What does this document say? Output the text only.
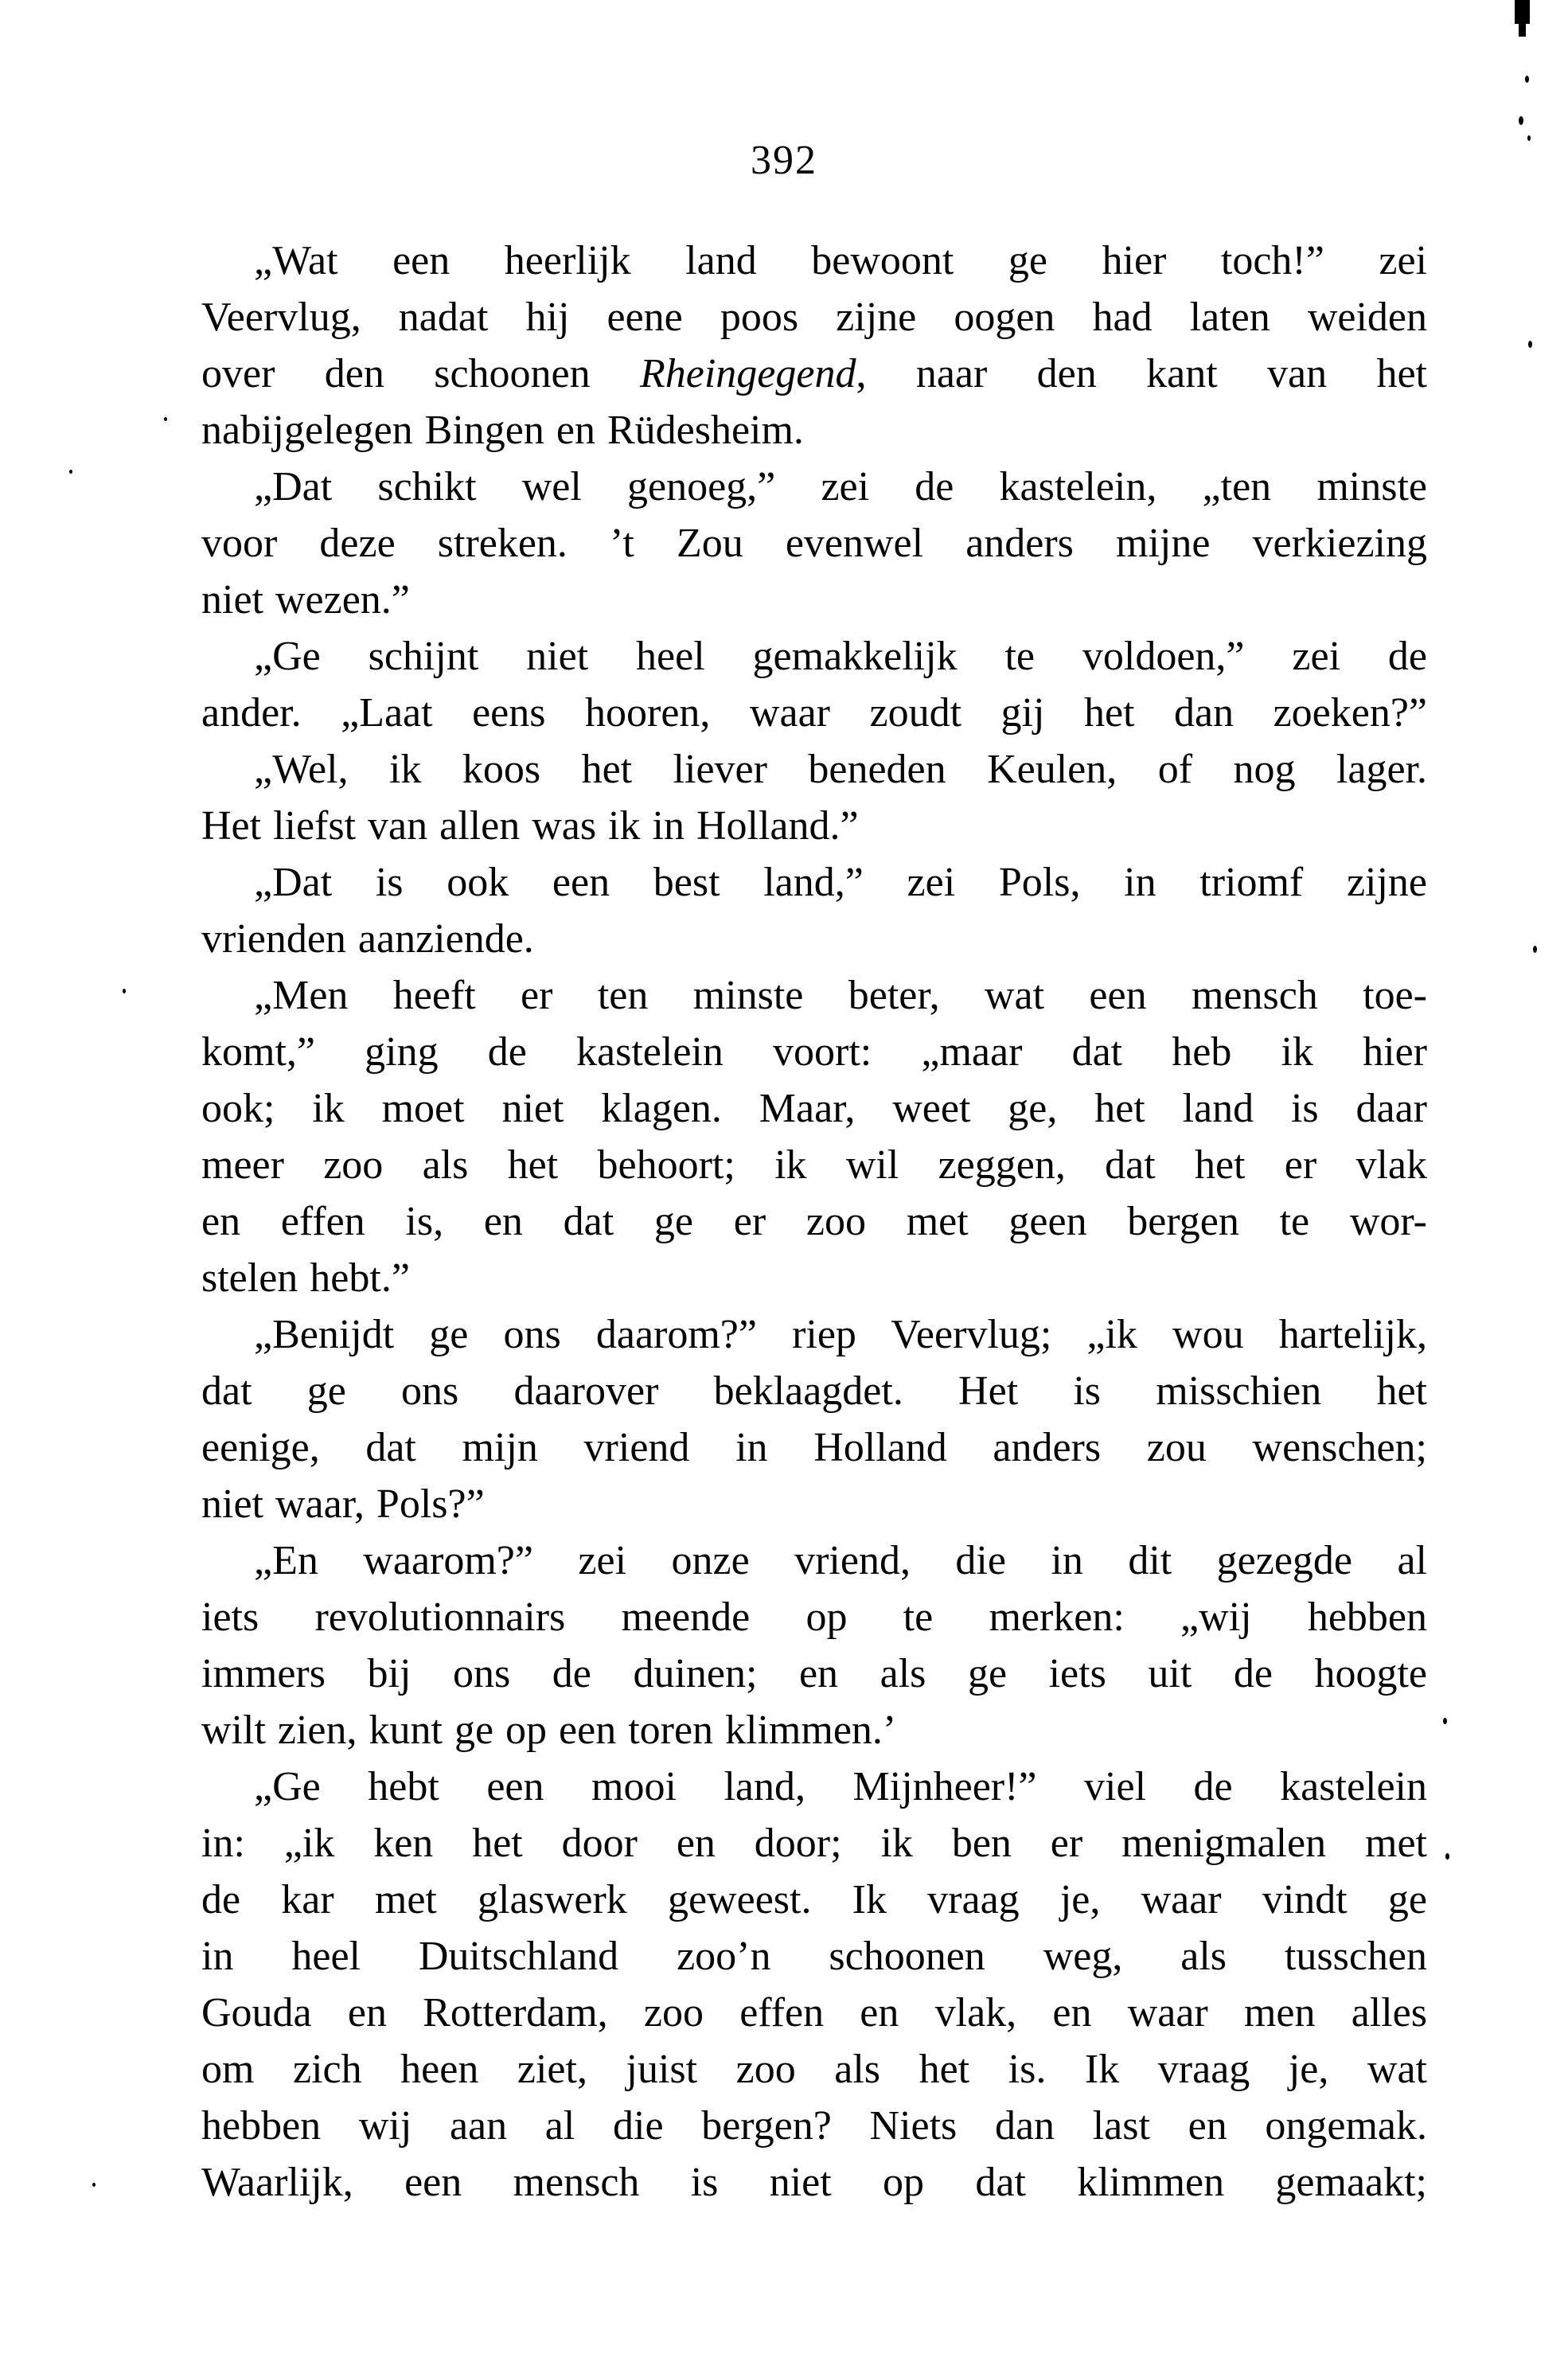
392
„Wat een heerlijk land bewoont ge hier toch!” zei
Veervlug, nadat hij eene poos zijne oogen had laten weiden
over den schoonen Rheingegend, naar den kant van het
nabijgelegen Bingen en Rüdesheim.
„Dat schikt wel genoeg,” zei de kastelein, „ten minste
voor deze streken. ’t Zou evenwel anders mijne verkiezing
niet wezen.”
„Ge schijnt niet heel gemakkelijk te voldoen,” zei de
ander. „Laat eens hooren, waar zoudt gij het dan zoeken?”
„Wel, ik koos het liever beneden Keulen, of nog lager.
Het liefst van allen was ik in Holland.”
„Dat is ook een best land,” zei Pols, in triomf zijne
vrienden aanziende.
„Men heeft er ten minste beter, wat een mensch toe-
komt,” ging de kastelein voort: „maar dat heb ik hier
ook; ik moet niet klagen. Maar, weet ge, het land is daar
meer zoo als het behoort; ik wil zeggen, dat het er vlak
en effen is, en dat ge er zoo met geen bergen te wor-
stelen hebt.”
„Benijdt ge ons daarom?” riep Veervlug; „ik wou hartelijk,
dat ge ons daarover beklaagdet. Het is misschien het
eenige, dat mijn vriend in Holland anders zou wenschen;
niet waar, Pols?”
„En waarom?” zei onze vriend, die in dit gezegde al
iets revolutionnairs meende op te merken: „wij hebben
immers bij ons de duinen; en als ge iets uit de hoogte
wilt zien, kunt ge op een toren klimmen.’
„Ge hebt een mooi land, Mijnheer!” viel de kastelein
in: „ik ken het door en door; ik ben er menigmalen met
de kar met glaswerk geweest. Ik vraag je, waar vindt ge
in heel Duitschland zoo’n schoonen weg, als tusschen
Gouda en Rotterdam, zoo effen en vlak, en waar men alles
om zich heen ziet, juist zoo als het is. Ik vraag je, wat
hebben wij aan al die bergen? Niets dan last en ongemak.
Waarlijk, een mensch is niet op dat klimmen gemaakt;
